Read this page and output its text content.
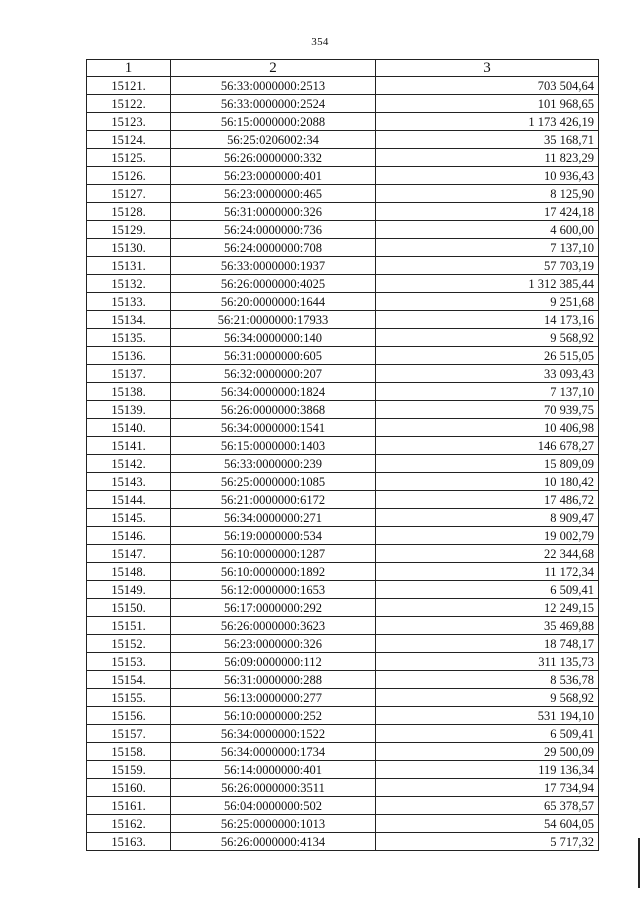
354
1	2	3
15121.	56:33:0000000:2513	703 504,64
15122.	56:33:0000000:2524	101 968,65
15123.	56:15:0000000:2088	1 173 426,19
15124.	56:25:0206002:34	35 168,71
15125.	56:26:0000000:332	11 823,29
15126.	56:23:0000000:401	10 936,43
15127.	56:23:0000000:465	8 125,90
15128.	56:31:0000000:326	17 424,18
15129.	56:24:0000000:736	4 600,00
15130.	56:24:0000000:708	7 137,10
15131.	56:33:0000000:1937	57 703,19
15132.	56:26:0000000:4025	1 312 385,44
15133.	56:20:0000000:1644	9 251,68
15134.	56:21:0000000:17933	14 173,16
15135.	56:34:0000000:140	9 568,92
15136.	56:31:0000000:605	26 515,05
15137.	56:32:0000000:207	33 093,43
15138.	56:34:0000000:1824	7 137,10
15139.	56:26:0000000:3868	70 939,75
15140.	56:34:0000000:1541	10 406,98
15141.	56:15:0000000:1403	146 678,27
15142.	56:33:0000000:239	15 809,09
15143.	56:25:0000000:1085	10 180,42
15144.	56:21:0000000:6172	17 486,72
15145.	56:34:0000000:271	8 909,47
15146.	56:19:0000000:534	19 002,79
15147.	56:10:0000000:1287	22 344,68
15148.	56:10:0000000:1892	11 172,34
15149.	56:12:0000000:1653	6 509,41
15150.	56:17:0000000:292	12 249,15
15151.	56:26:0000000:3623	35 469,88
15152.	56:23:0000000:326	18 748,17
15153.	56:09:0000000:112	311 135,73
15154.	56:31:0000000:288	8 536,78
15155.	56:13:0000000:277	9 568,92
15156.	56:10:0000000:252	531 194,10
15157.	56:34:0000000:1522	6 509,41
15158.	56:34:0000000:1734	29 500,09
15159.	56:14:0000000:401	119 136,34
15160.	56:26:0000000:3511	17 734,94
15161.	56:04:0000000:502	65 378,57
15162.	56:25:0000000:1013	54 604,05
15163.	56:26:0000000:4134	5 717,32
